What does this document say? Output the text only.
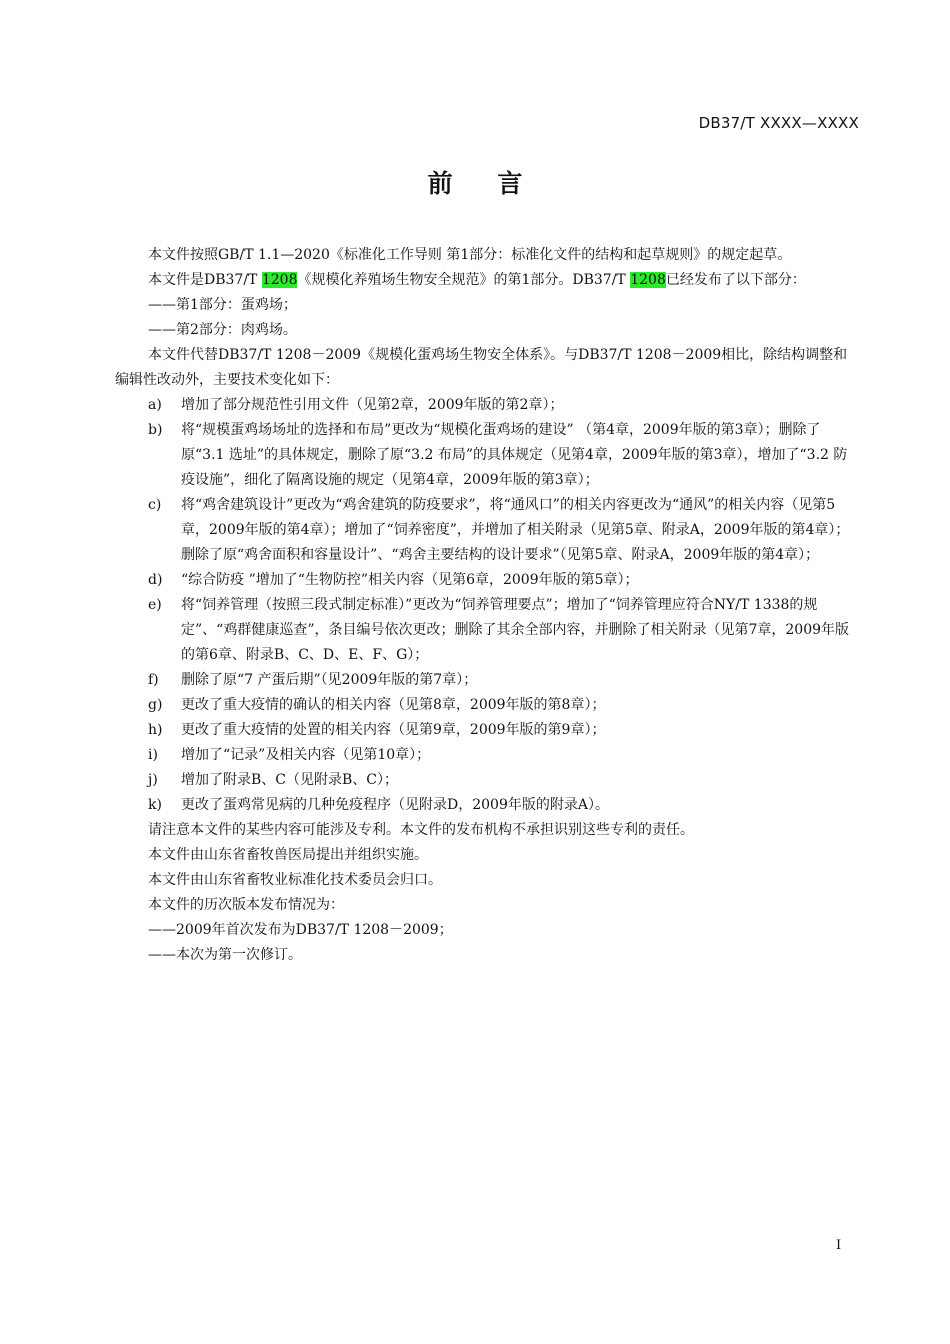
DB37/T XXXX—XXXX
前 言

本文件按照GB/T 1.1—2020《标准化工作导则 第1部分：标准化文件的结构和起草规则》的规定起草。

本文件是DB37/T 1208《规模化养殖场生物安全规范》的第1部分。DB37/T 1208已经发布了以下部分：

——第1部分：蛋鸡场；

——第2部分：肉鸡场。

本文件代替DB37/T 1208－2009《规模化蛋鸡场生物安全体系》。与DB37/T 1208－2009相比，除结构调整和编辑性改动外，主要技术变化如下：

a)	增加了部分规范性引用文件（见第2章，2009年版的第2章）；
b)	将“规模蛋鸡场场址的选择和布局”更改为“规模化蛋鸡场的建设” （第4章，2009年版的第3章）；删除了原“3.1 选址”的具体规定，删除了原“3.2 布局”的具体规定（见第4章，2009年版的第3章），增加了“3.2 防疫设施”，细化了隔离设施的规定（见第4章，2009年版的第3章）；
c)	将“鸡舍建筑设计”更改为“鸡舍建筑的防疫要求”，将“通风口”的相关内容更改为“通风”的相关内容（见第5章，2009年版的第4章）；增加了“饲养密度”，并增加了相关附录（见第5章、附录A，2009年版的第4章）；删除了原“鸡舍面积和容量设计”、“鸡舍主要结构的设计要求”（见第5章、附录A，2009年版的第4章）；
d)	“综合防疫 ”增加了“生物防控”相关内容（见第6章，2009年版的第5章）；
e)	将“饲养管理（按照三段式制定标准）”更改为“饲养管理要点”；增加了“饲养管理应符合NY/T 1338的规定”、“鸡群健康巡查”，条目编号依次更改；删除了其余全部内容，并删除了相关附录（见第7章，2009年版的第6章、附录B、C、D、E、F、G）；
f)	删除了原“7 产蛋后期”（见2009年版的第7章）；
g)	更改了重大疫情的确认的相关内容（见第8章，2009年版的第8章）；
h)	更改了重大疫情的处置的相关内容（见第9章，2009年版的第9章）；
i)	增加了“记录”及相关内容（见第10章）；
j)	增加了附录B、C（见附录B、C）；
k)	更改了蛋鸡常见病的几种免疫程序（见附录D，2009年版的附录A）。

请注意本文件的某些内容可能涉及专利。本文件的发布机构不承担识别这些专利的责任。

本文件由山东省畜牧兽医局提出并组织实施。

本文件由山东省畜牧业标准化技术委员会归口。

本文件的历次版本发布情况为：

——2009年首次发布为DB37/T 1208－2009；

——本次为第一次修订。

I
